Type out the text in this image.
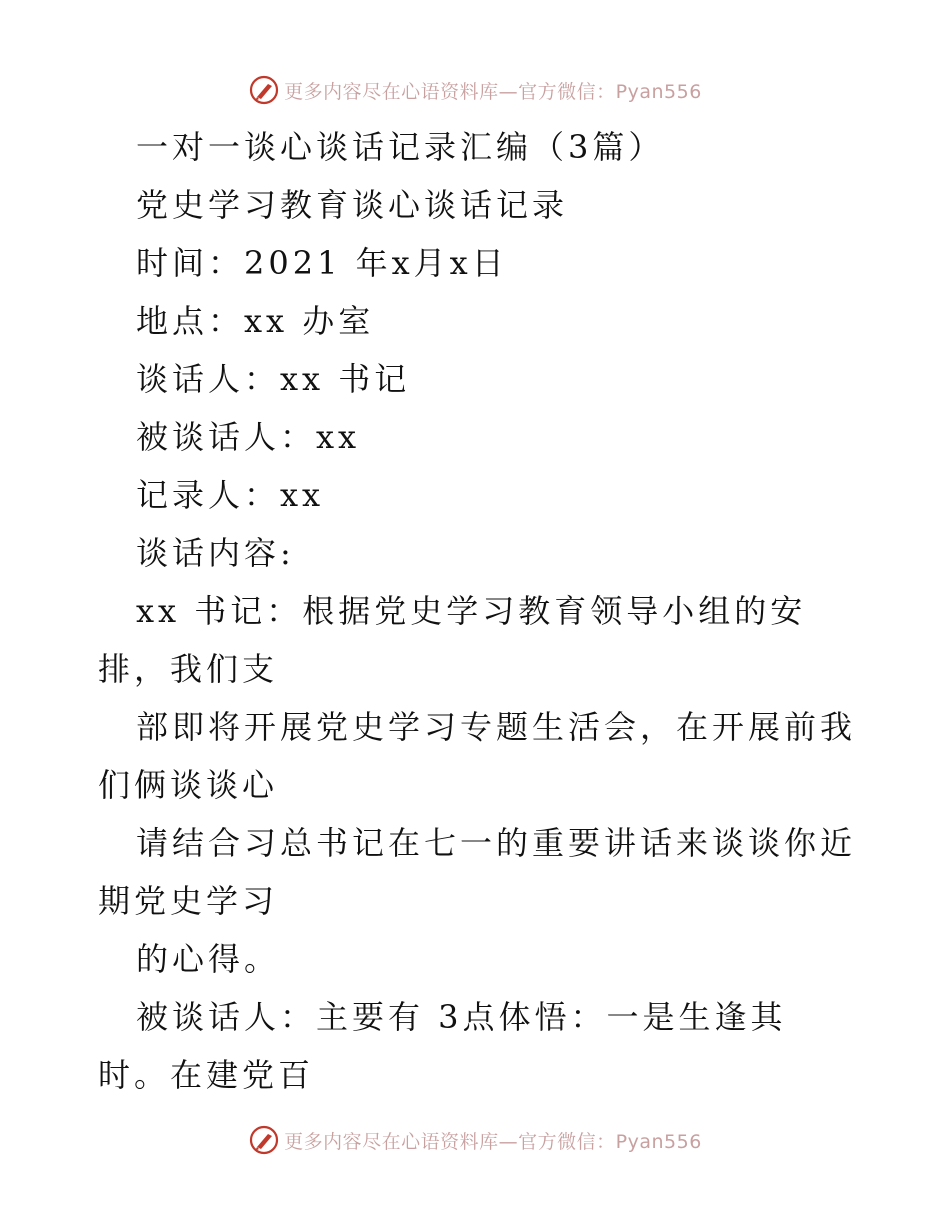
更多内容尽在心语资料库—官方微信：Pyan556

一对一谈心谈话记录汇编（3篇）

党史学习教育谈心谈话记录

时间：2021 年x月x日

地点：xx 办室

谈话人：xx 书记

被谈话人：xx

记录人：xx

谈话内容:

xx 书记：根据党史学习教育领导小组的安排，我们支

部即将开展党史学习专题生活会，在开展前我们俩谈谈心

请结合习总书记在七一的重要讲话来谈谈你近期党史学习

的心得。

被谈话人：主要有 3点体悟：一是生逢其时。在建党百

更多内容尽在心语资料库—官方微信：Pyan556
